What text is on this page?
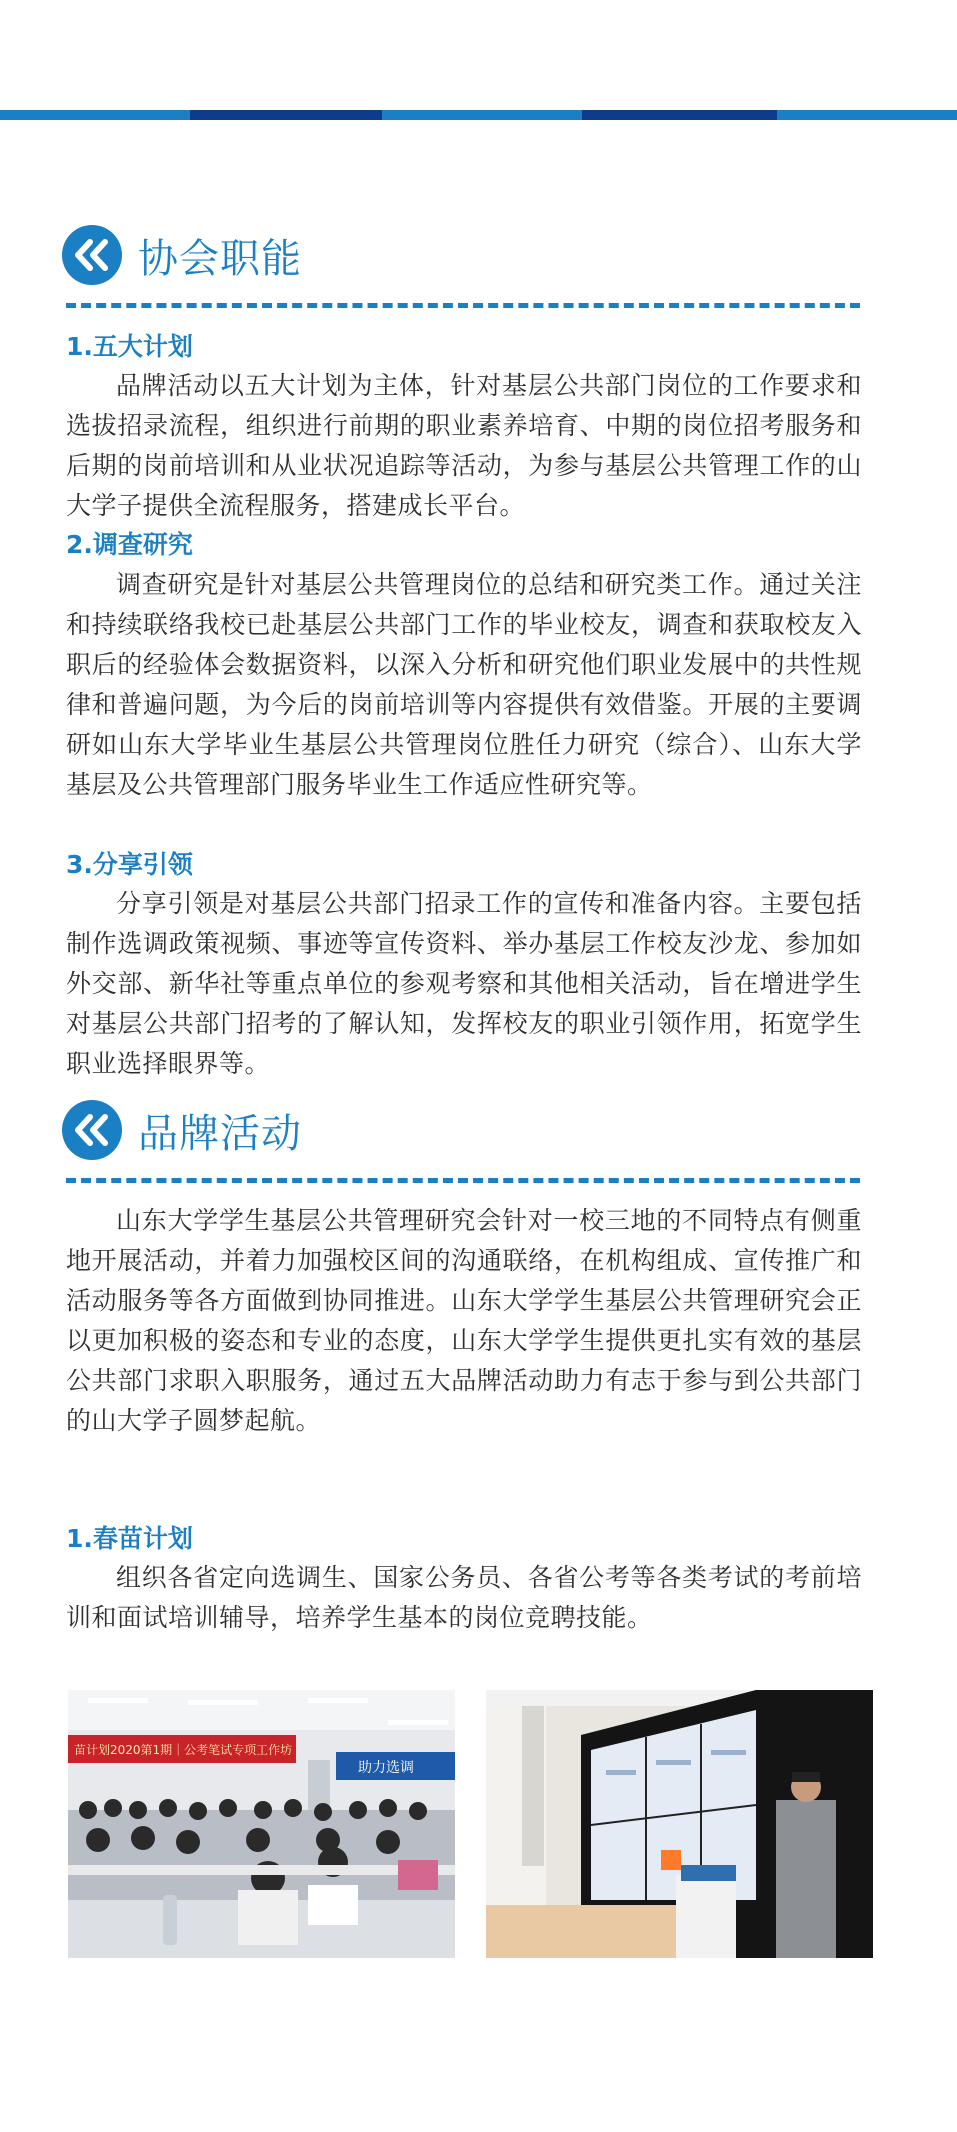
协会职能
1.五大计划

品牌活动以五大计划为主体，针对基层公共部门岗位的工作要求和选拔招录流程，组织进行前期的职业素养培育、中期的岗位招考服务和后期的岗前培训和从业状况追踪等活动，为参与基层公共管理工作的山大学子提供全流程服务，搭建成长平台。

2.调查研究

调查研究是针对基层公共管理岗位的总结和研究类工作。通过关注和持续联络我校已赴基层公共部门工作的毕业校友，调查和获取校友入职后的经验体会数据资料，以深入分析和研究他们职业发展中的共性规律和普遍问题，为今后的岗前培训等内容提供有效借鉴。开展的主要调研如山东大学毕业生基层公共管理岗位胜任力研究（综合）、山东大学基层及公共管理部门服务毕业生工作适应性研究等。

3.分享引领

分享引领是对基层公共部门招录工作的宣传和准备内容。主要包括制作选调政策视频、事迹等宣传资料、举办基层工作校友沙龙、参加如外交部、新华社等重点单位的参观考察和其他相关活动，旨在增进学生对基层公共部门招考的了解认知，发挥校友的职业引领作用，拓宽学生职业选择眼界等。

品牌活动

山东大学学生基层公共管理研究会针对一校三地的不同特点有侧重地开展活动，并着力加强校区间的沟通联络，在机构组成、宣传推广和活动服务等各方面做到协同推进。山东大学学生基层公共管理研究会正以更加积极的姿态和专业的态度，山东大学学生提供更扎实有效的基层公共部门求职入职服务，通过五大品牌活动助力有志于参与到公共部门的山大学子圆梦起航。

1.春苗计划

组织各省定向选调生、国家公务员、各省公考等各类考试的考前培训和面试培训辅导，培养学生基本的岗位竞聘技能。

苗计划2020第1期｜公考笔试专项工作坊
助力选调
